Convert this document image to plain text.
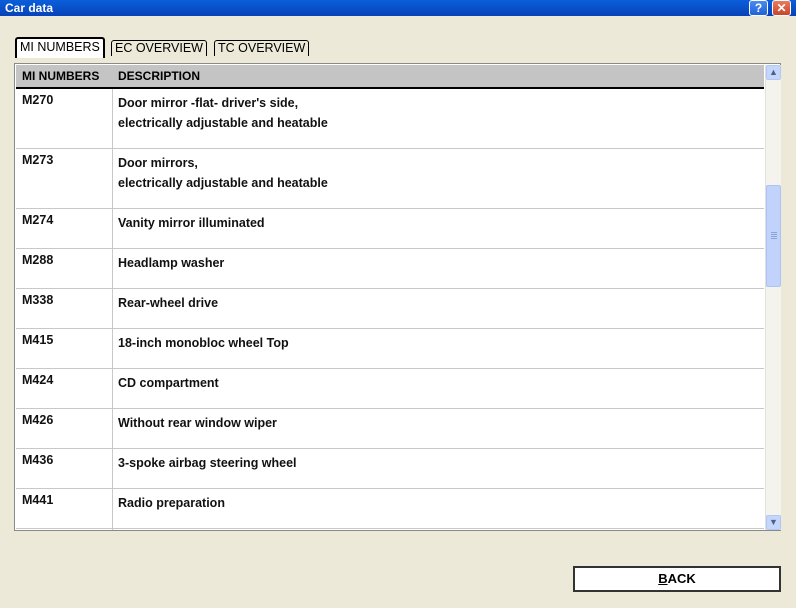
Car data	?	✕
MI NUMBERS	EC OVERVIEW	TC OVERVIEW
MI NUMBERS DESCRIPTION
M270	Door mirror -flat- driver's side,
electrically adjustable and heatable
M273	Door mirrors,
electrically adjustable and heatable
M274	Vanity mirror illuminated
M288	Headlamp washer
M338	Rear-wheel drive
M415	18-inch monobloc wheel Top
M424	CD compartment
M426	Without rear window wiper
M436	3-spoke airbag steering wheel
M441	Radio preparation
▲
▼
BACK
